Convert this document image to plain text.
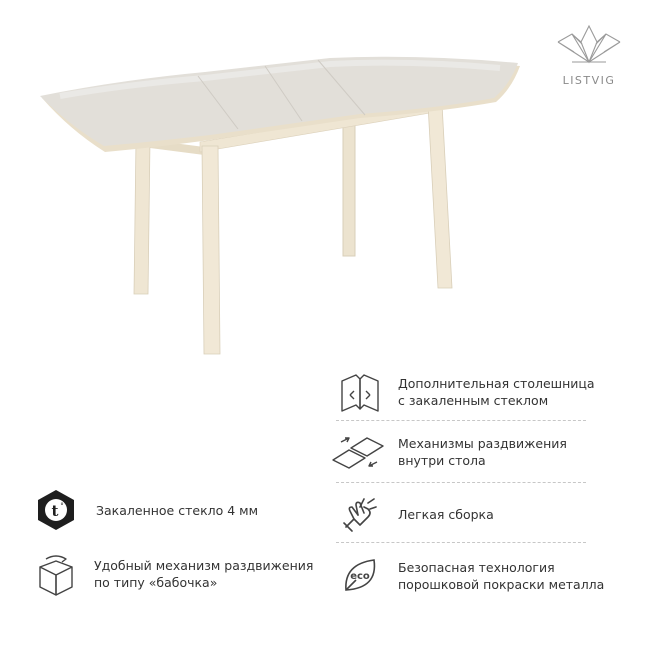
LISTVIG
Дополнительная столешница
с закаленным стеклом
Механизмы раздвижения
внутри стола
Легкая сборка
eco
Безопасная технология
порошковой покраски металла
t °	Закаленное стекло 4 мм
Удобный механизм раздвижения
по типу «бабочка»
